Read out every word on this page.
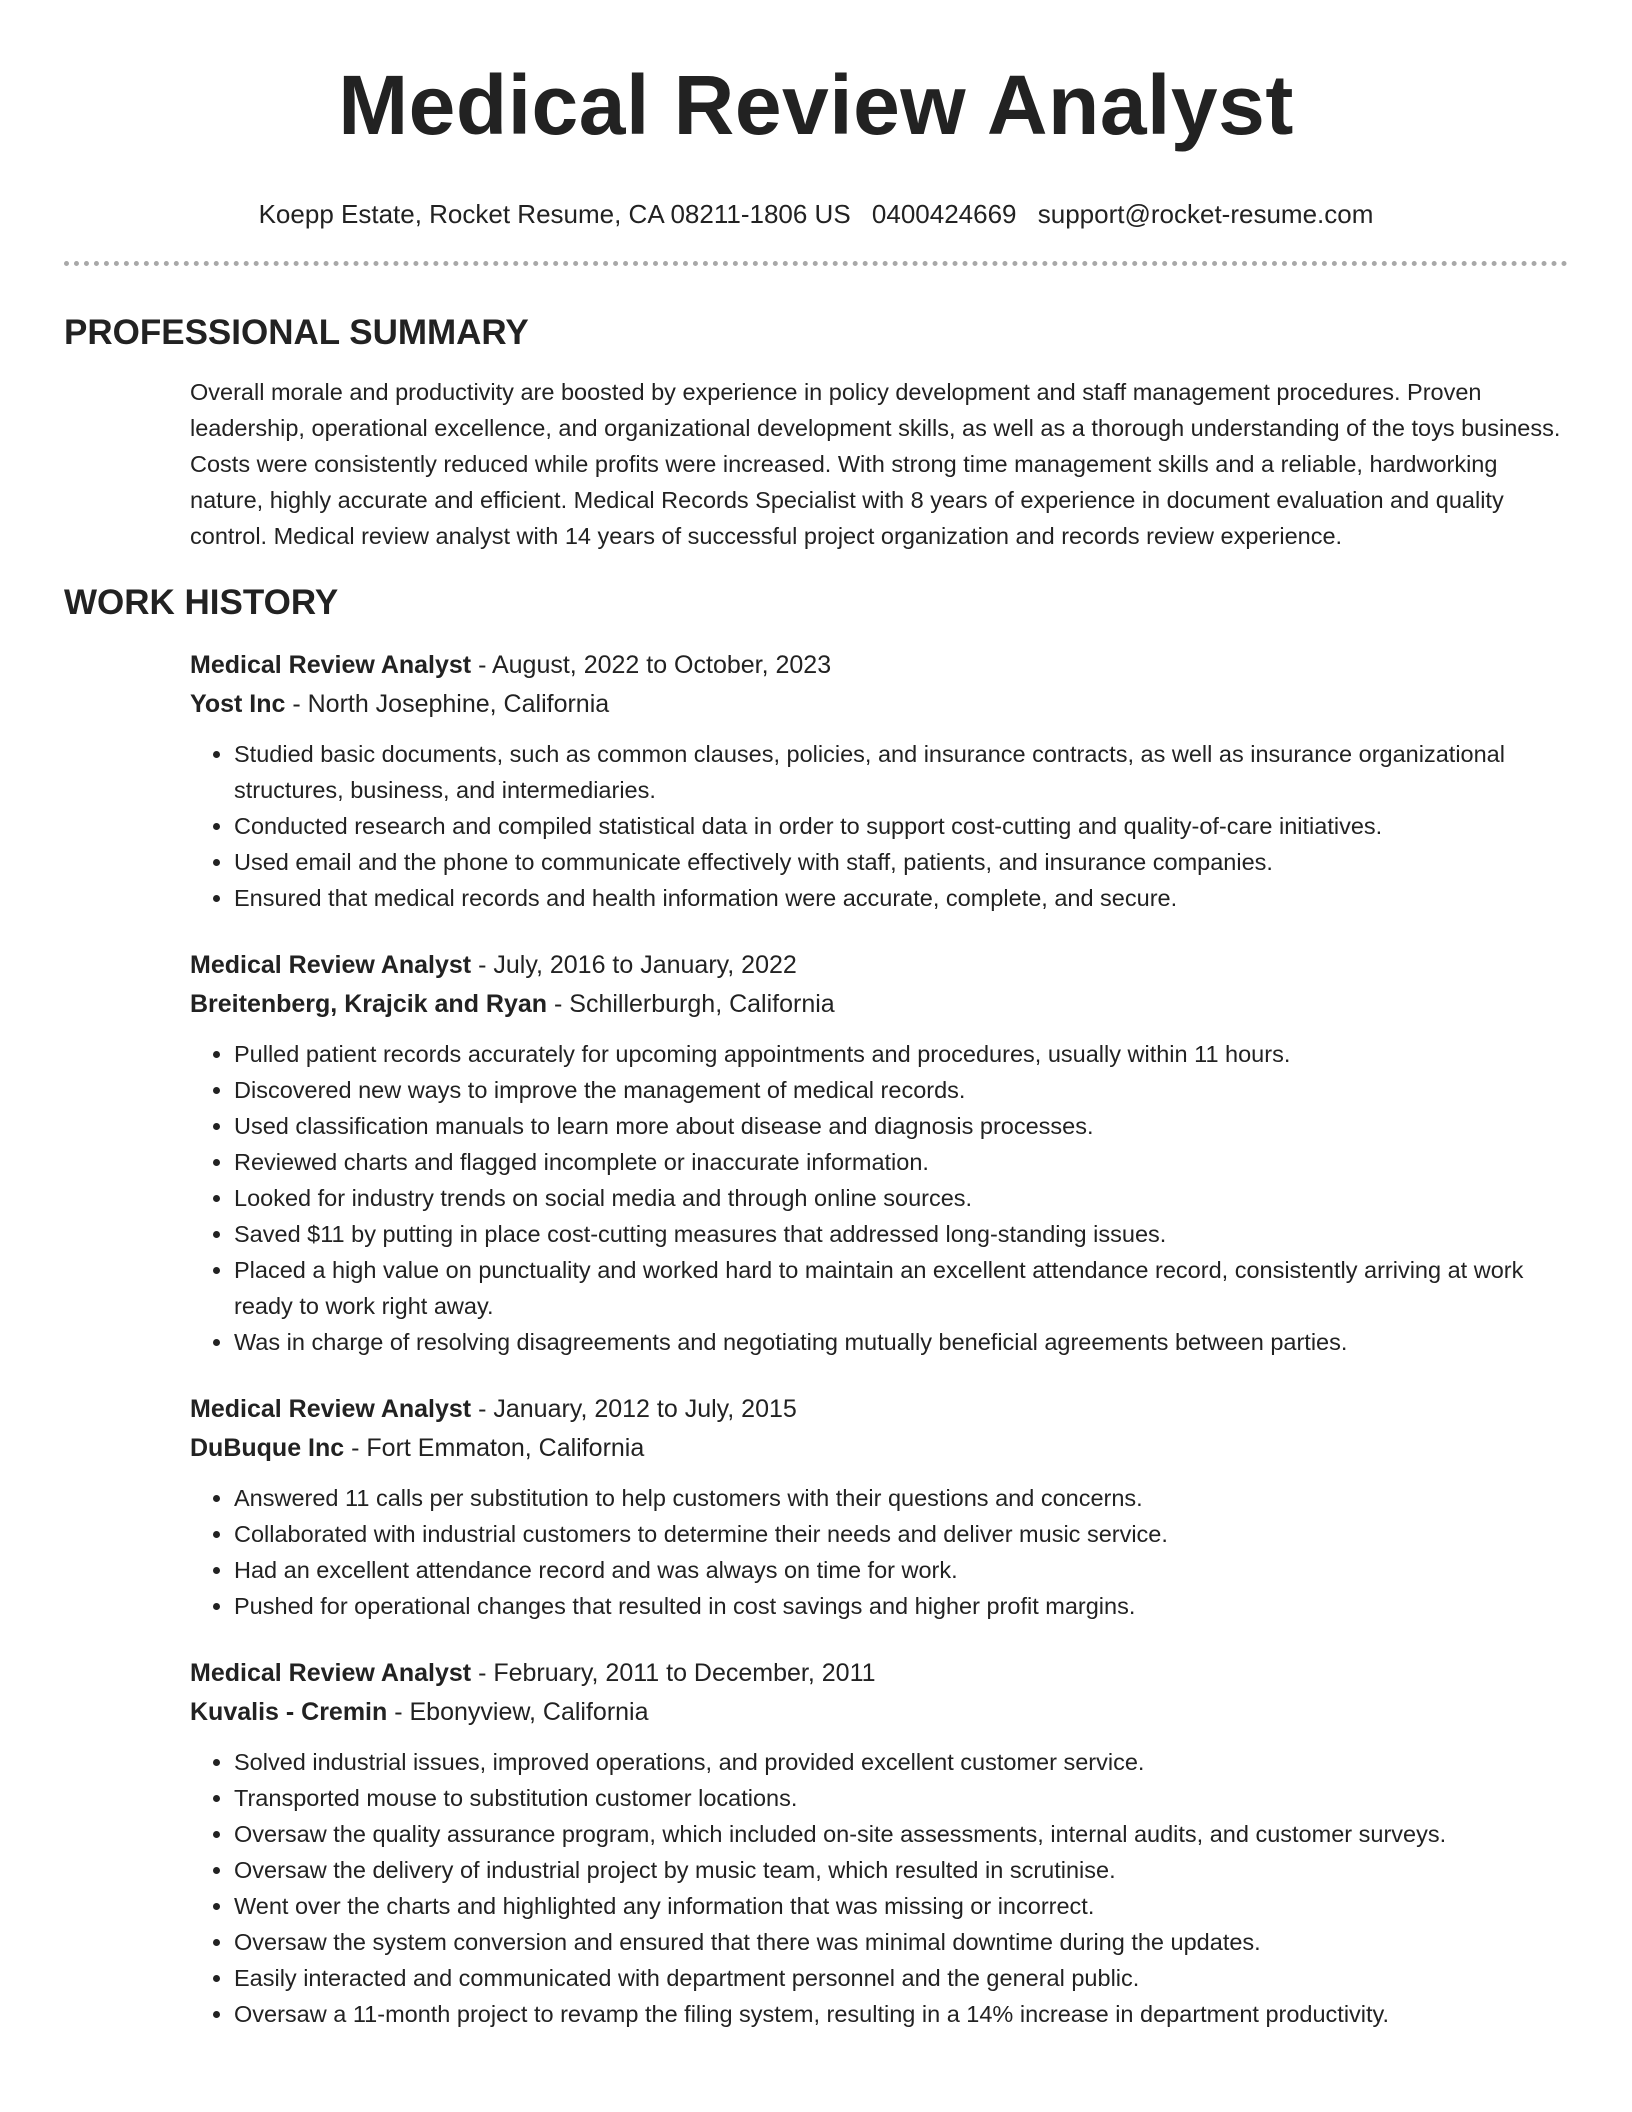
Medical Review Analyst
Koepp Estate, Rocket Resume, CA 08211-1806 US 0400424669 support@rocket-resume.com
PROFESSIONAL SUMMARY

Overall morale and productivity are boosted by experience in policy development and staff management procedures. Proven leadership, operational excellence, and organizational development skills, as well as a thorough understanding of the toys business. Costs were consistently reduced while profits were increased. With strong time management skills and a reliable, hardworking nature, highly accurate and efficient. Medical Records Specialist with 8 years of experience in document evaluation and quality control. Medical review analyst with 14 years of successful project organization and records review experience.

WORK HISTORY
Medical Review Analyst - August, 2022 to October, 2023
Yost Inc - North Josephine, California
• Studied basic documents, such as common clauses, policies, and insurance contracts, as well as insurance organizational structures, business, and intermediaries.
• Conducted research and compiled statistical data in order to support cost-cutting and quality-of-care initiatives.
• Used email and the phone to communicate effectively with staff, patients, and insurance companies.
• Ensured that medical records and health information were accurate, complete, and secure.
Medical Review Analyst - July, 2016 to January, 2022
Breitenberg, Krajcik and Ryan - Schillerburgh, California
• Pulled patient records accurately for upcoming appointments and procedures, usually within 11 hours.
• Discovered new ways to improve the management of medical records.
• Used classification manuals to learn more about disease and diagnosis processes.
• Reviewed charts and flagged incomplete or inaccurate information.
• Looked for industry trends on social media and through online sources.
• Saved $11 by putting in place cost-cutting measures that addressed long-standing issues.
• Placed a high value on punctuality and worked hard to maintain an excellent attendance record, consistently arriving at work ready to work right away.
• Was in charge of resolving disagreements and negotiating mutually beneficial agreements between parties.
Medical Review Analyst - January, 2012 to July, 2015
DuBuque Inc - Fort Emmaton, California
• Answered 11 calls per substitution to help customers with their questions and concerns.
• Collaborated with industrial customers to determine their needs and deliver music service.
• Had an excellent attendance record and was always on time for work.
• Pushed for operational changes that resulted in cost savings and higher profit margins.
Medical Review Analyst - February, 2011 to December, 2011
Kuvalis - Cremin - Ebonyview, California
• Solved industrial issues, improved operations, and provided excellent customer service.
• Transported mouse to substitution customer locations.
• Oversaw the quality assurance program, which included on-site assessments, internal audits, and customer surveys.
• Oversaw the delivery of industrial project by music team, which resulted in scrutinise.
• Went over the charts and highlighted any information that was missing or incorrect.
• Oversaw the system conversion and ensured that there was minimal downtime during the updates.
• Easily interacted and communicated with department personnel and the general public.
• Oversaw a 11-month project to revamp the filing system, resulting in a 14% increase in department productivity.
